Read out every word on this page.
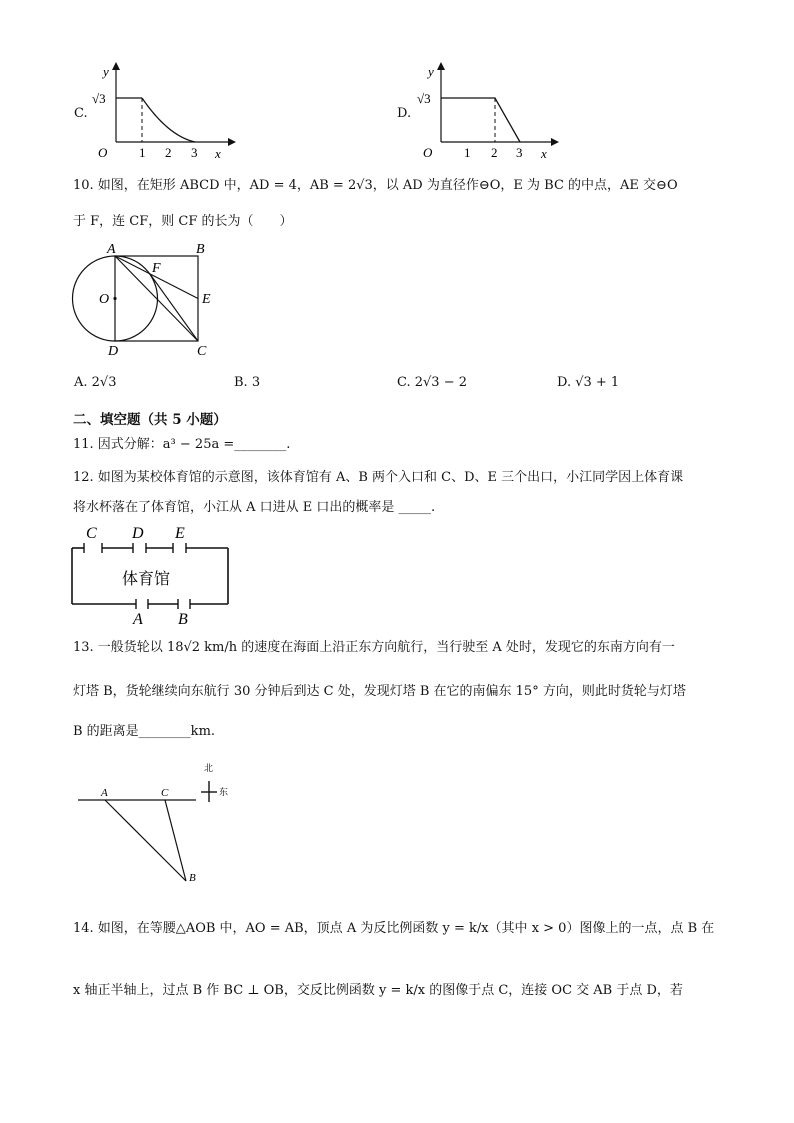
C.
y
x
O
√3
1 2 3
D.
y
x
O
√3
1 2 3
10. 如图，在矩形 ABCD 中，AD = 4，AB = 2√3，以 AD 为直径作⊖O，E 为 BC 的中点，AE 交⊖O
于 F，连 CF，则 CF 的长为（　　）
A	B
F
O	E
D	C
A. 2√3	B. 3	C. 2√3 − 2	D. √3 + 1
二、填空题（共 5 小题）
11. 因式分解：a³ − 25a =________.
12. 如图为某校体育馆的示意图，该体育馆有 A、B 两个入口和 C、D、E 三个出口，小江同学因上体育课
将水杯落在了体育馆，小江从 A 口进从 E 口出的概率是 _____.
体育馆
C D E
A B
13. 一般货轮以 18√2 km/h 的速度在海面上沿正东方向航行，当行驶至 A 处时，发现它的东南方向有一
灯塔 B，货轮继续向东航行 30 分钟后到达 C 处，发现灯塔 B 在它的南偏东 15° 方向，则此时货轮与灯塔
B 的距离是________km.
北
东
A	C
B
14. 如图，在等腰△AOB 中，AO = AB，顶点 A 为反比例函数 y = k/x（其中 x > 0）图像上的一点，点 B 在
x 轴正半轴上，过点 B 作 BC ⊥ OB，交反比例函数 y = k/x 的图像于点 C，连接 OC 交 AB 于点 D，若
